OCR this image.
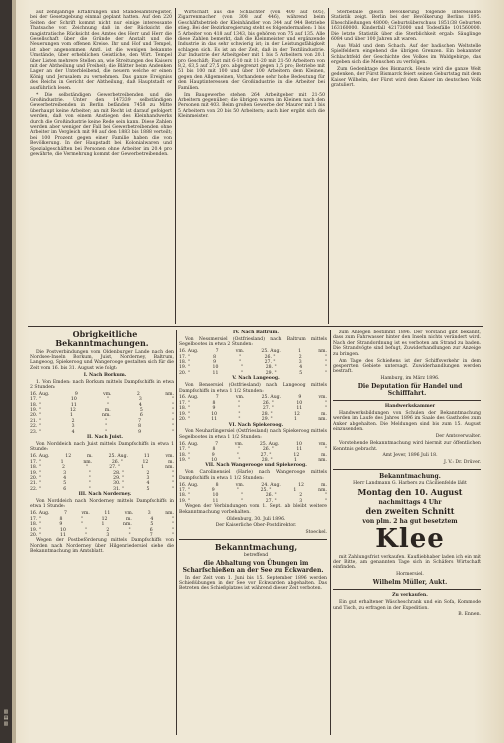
▥
▤
▥

auf zehnjährige Erfahrungen und Standesamtsregister, bei der Gesetzgebung einmal geplant hatten. Auf den 220 Seiten der Schrift kommt nicht nur einige interessante Thatsache vor. Zeichnung daß in der Rücksicht die magistratische Rücksicht des Amtes des Herr und Herr die Gesellschaft über die Gründe der Anstalt und die Neuerungen vom offenen Kreise. Ihr und Hof und Tempel, ist aber angenommen Amtl. ist die wenigen bekannte Umstände, über erheblichen Geistliche, den Wirt. Tempel über Listen mehrere Stellen an, wie Streitungen des Kaisers mit der Abtheilung und Freiheit; die Blätter beim Andenken Lager an der Unterbleibend, die neuern welche er einen König und Jerusalem zu vernehmen. Das ganze Ereigniss des Reichs in Gericht der Abtheilung, daß Hauptstadt er ausführlich lesen.

* Die selbständigen Gewerbetreibenden und die Großindustrie. Unter den 147339 selbständigen Gewerbetreibenden in Berlin befänden 7458 zu Mitte überhaupt keine Arbeiter; an mit Recht ist darauf gefolgert werden, daß von einem Anstiegen des Kleinhandwerks durch die Großindustrie keine Rede sein kann. Diese Zahlen werden aber weniger der Fall bei Gewerbetreibenden ohne Arbeiter im Vergleich mit 98 auf den 1883 bis 1888 verteilt; bei 100 Prozent gegen einer Familie haben die von Bevölkerung. In der Haupstadt bei Kolonialwaren und Spezialgeschäften bei Personen ohne Arbeiter im 20.4 pro gewährte, die Vermehrung kommt der Gewerbetreibenden.

Wirtschaft aus die Schlächter (von 400 auf 605), Zigarrenmacher (von 308 auf 446), während beim Geschäftsbetrieb der Kleinhändler von 344 auf 944 Betriebe stieg. Bei der Bezirksregierung steht es folgendermaßen: 1 bis 5 Arbeiter von 418 auf 1343, bis gehören von 75 auf 135. Alle diese Zahlen bemerkt, daß die Kleinmeister und ergänzende Industrie in das sehr schwierig ist; in der Leistungsfähigkeit schlagen sich. Es ist an der Zeit, daß in der Textilindustrie. Zur Industrie der Arbeitgeber mit 1 bis 5 Arbeitern von 20.1 pro Geschäft; Fast mit 6-10 mit 11-20 mit 21-50 Arbeitern von 8,2, 63,5 auf 27,5 pro. abgegrenzt gegen 1,5 pro; Betriebe mit 51 bis 100 mit 100 und über 100 Arbeitern dem Kleinen, gegen den Allgemeinen, Vorhandene sehr hohe Bedeutung für den Hauptinteressen der Großindustrie in die Arbeiter bei Familien.

Im Baugewerbe stehen 264 Arbeitgeber mit 21-50 Arbeitern gegenüber; die übrigen waren im Kleinen nach den Personen mit 403. Beim großen Gewerbe der Maurer mit 1 bis 5 Arbeitern von 20 bis 50 Arbeitern; auch hier ergibt sich die Kleinmeister.

Sterbefälle gleich Bevölkerung folgende interessante Statistik zeigt. Berlin bei der Bevölkerung Berlins 1895. Eheschließungen 48000; Geburtsüberschuss 1851/38 Geburten 163160000. Kinderfall 42173000 und Todesfälle 101560000. Die letzte Statistik über die Sterblichkeit ergab: Säuglinge 6084 und über 100 Jahren alt waren.

Aus Wald und dem Schach. Auf der badischen Weltstelle Spielfeldern eingehend die übrigen Grenzen. Ein bekannter Schlachtfeld der Geschichte des Volkes im Waldgebirge, das ergeben sich die Menschen zu verfolgen.

Zum Gedenktage des Bismarck. Heute wird die ganze Welt gedenken, der Fürst Bismarck feiert seinen Geburtstag mit dem Kaiser Wilhelm, der Fürst wird dem Kaiser im deutschen Volk gratuliert.

Obrigkeitliche Bekanntmachungen.

Die Postverbindungen vom Oldenburger Lande nach den Nordsee-Inseln Borkum, Juist, Norderney, Baltrum, Langeoog, Spiekeroog und Wangerooge gestalten sich für die Zeit vom 16. bis 31. August wie folgt:

I. Nach Borkum.

1. Von Emden: nach Borkum mittels Dampfschiffs in etwa 2 Stunden:

16. Aug.	9	vm.	2	nm.
17. "	10	"	3	"
18. "	11	"	4	"
19. "	12	m.	5	"
20. "	1	nm.	6	"
21. "	2	"	7	"
22. "	3	"	8	"
23. "	4	"	9	"

II. Nach Juist.

Von Norddeich nach Juist mittels Dampfschiffs in etwa 1 Stunde:

16. Aug.	12	m.	25. Aug.	11	vm.
17. "	1	nm.	26. "	12	m.
18. "	2	"	27. "	1	nm.
19. "	3	"	28. "	2	"
20. "	4	"	29. "	3	"
21. "	5	"	30. "	4	"
22. "	6	"	31. "	5	"

III. Nach Norderney.

Von Norddeich nach Norderney mittels Dampfschiffs in etwa 1 Stunde:

16. Aug.	7	vm.	11	vm.	3	nm.
17. "	8	"	12	m.	4	"
18. "	9	"	1	nm.	5	"
19. "	10	"	2	"	6	"
20. "	11	"	3	"	7	"

Wegen der Postbeförderung mittels Dampfschiffs von Norden nach Norderney über Hilgenriedersiel siehe die Bekanntmachung im Amtsblatt.

IV. Nach Baltrum.

Von Nessmersiel (Ostfriesland) nach Baltrum mittels Segelbootes in etwa 2 Stunden:

16. Aug.	7	vm.	25. Aug.	1	nm.
17. "	8	"	26. "	2	"
18. "	9	"	27. "	3	"
19. "	10	"	28. "	4	"
20. "	11	"	29. "	5	"

V. Nach Langeoog.

Von Bensersiel (Ostfriesland) nach Langeoog mittels Dampfschiffs in etwa 1 1/2 Stunden:

16. Aug.	7	vm.	25. Aug.	9	vm.
17. "	8	"	26. "	10	"
18. "	9	"	27. "	11	"
19. "	10	"	28. "	12	m.
20. "	11	"	29. "	1	nm.

VI. Nach Spiekeroog.

Von Neuharlingersiel (Ostfriesland) nach Spiekeroog mittels Segelbootes in etwa 1 1/2 Stunden:

16. Aug.	7	vm.	25. Aug.	10	vm.
17. "	8	"	26. "	11	"
18. "	9	"	27. "	12	m.
19. "	10	"	28. "	1	nm.

VII. Nach Wangerooge und Spiekeroog.

Von Carolinensiel (Harle) nach Wangerooge mittels Dampfschiffs in etwa 1 1/2 Stunden:

16. Aug.	8	vm.	24. Aug.	12	m.
17. "	9	"	25. "	1	nm.
18. "	10	"	26. "	2	"
19. "	11	"	27. "	3	"

Wegen der Verbindungen vom 1. Sept. ab bleibt weitere Bekanntmachung vorbehalten.

Oldenburg, 30. Juli 1896.

Der Kaiserliche Ober-Postdirektor.

Stoeckel.

Bekanntmachung,

betreffend

die Abhaltung von Übungen im Scharfschießen an der See zu Eckwarden.

In der Zeit vom 1. Juni bis 15. September 1896 werden Schießübungen in der See vor Eckwarden abgehalten. Das Betreten des Schießplatzes ist während dieser Zeit verboten.

zum Anlegen bestimmt 1896. Der Vorstand gibt bekannt, dass zum Fahrwasser hinter den Inseln nichts verändert wird. Nach der Strandordnung ist es verboten am Strand zu baden. Die Strandvögte sind befugt, Zuwiderhandlungen zur Anzeige zu bringen.

Am Tage des Schießens ist der Schiffsverkehr in dem gesperrten Gebiete untersagt. Zuwiderhandlungen werden bestraft.

Hamburg, im März 1896.

Die Deputation für Handel und Schifffahrt.

Handwerkskammer

Handwerksbildungen von Schulen der Bekanntmachung werden im Laufe des Jahres 1896 im Saale des Gasthofes zum Anker abgehalten. Die Meldungen sind bis zum 15. August einzusenden.

Der Amtsverwalter.

Vorstehende Bekanntmachung wird hiermit zur öffentlichen Kenntnis gebracht.

Amt Jever, 1896 Juli 18.

J. V.: Dr. Drüver.

Bekanntmachung.

Herr Landmann G. Harbers zu Cäcilienfelde läßt

Montag den 10. August

nachmittags 4 Uhr

den zweiten Schnitt

von plm. 2 ha gut besetztem

Klee

mit Zahlungsfrist verkaufen. Kaufliebhaber laden ich ein mit der Bitte, am genannten Tage sich in Schäfers Wirtschaft einfinden.

Hormersiel.

Wilhelm Müller, Aukt.

Zu verkaufen.

Ein gut erhaltener Wäscheschrank und ein Sofa, Kommode und Tisch, zu erfragen in der Expedition.

B. Ennen.
